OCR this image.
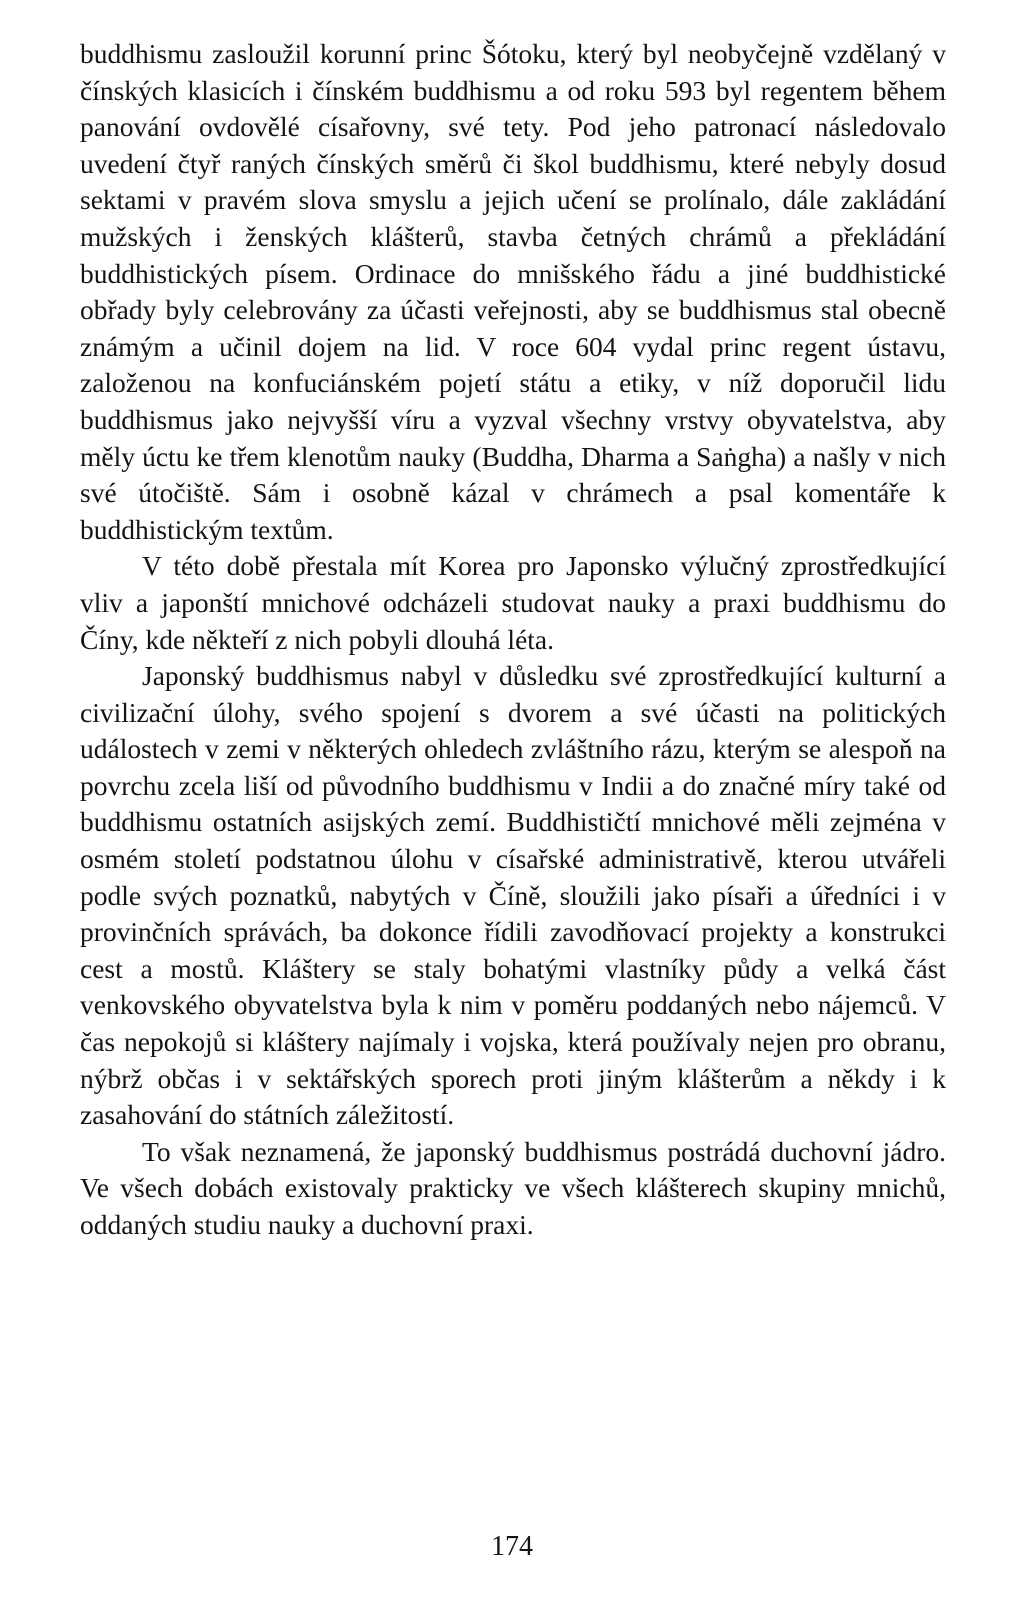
buddhismu zasloužil korunní princ Šótoku, který byl neobyčejně vzdělaný v čínských klasicích i čínském buddhismu a od roku 593 byl regentem během panování ovdovělé císařovny, své tety. Pod jeho patronací následovalo uvedení čtyř raných čínských směrů či škol buddhismu, které nebyly dosud sektami v pravém slova smyslu a jejich učení se prolínalo, dále zakládání mužských i ženských klášterů, stavba četných chrámů a překládání buddhistických písem. Ordinace do mnišského řádu a jiné buddhistické obřady byly celebrovány za účasti veřejnosti, aby se buddhismus stal obecně známým a učinil dojem na lid. V roce 604 vydal princ regent ústavu, založenou na konfuciánském pojetí státu a etiky, v níž doporučil lidu buddhismus jako nejvyšší víru a vyzval všechny vrstvy obyvatelstva, aby měly úctu ke třem klenotům nauky (Buddha, Dharma a Saṅgha) a našly v nich své útočiště. Sám i osobně kázal v chrámech a psal komentáře k buddhistickým textům.

V této době přestala mít Korea pro Japonsko výlučný zprostředkující vliv a japonští mnichové odcházeli studovat nauky a praxi buddhismu do Číny, kde někteří z nich pobyli dlouhá léta.

Japonský buddhismus nabyl v důsledku své zprostředkující kulturní a civilizační úlohy, svého spojení s dvorem a své účasti na politických událostech v zemi v některých ohledech zvláštního rázu, kterým se alespoň na povrchu zcela liší od původního buddhismu v Indii a do značné míry také od buddhismu ostatních asijských zemí. Buddhističtí mnichové měli zejména v osmém století podstatnou úlohu v císařské administrativě, kterou utvářeli podle svých poznatků, nabytých v Číně, sloužili jako písaři a úředníci i v provinčních správách, ba dokonce řídili zavodňovací projekty a konstrukci cest a mostů. Kláštery se staly bohatými vlastníky půdy a velká část venkovského obyvatelstva byla k nim v poměru poddaných nebo nájemců. V čas nepokojů si kláštery najímaly i vojska, která používaly nejen pro obranu, nýbrž občas i v sektářských sporech proti jiným klášterům a někdy i k zasahování do státních záležitostí.

To však neznamená, že japonský buddhismus postrádá duchovní jádro. Ve všech dobách existovaly prakticky ve všech klášterech skupiny mnichů, oddaných studiu nauky a duchovní praxi.

174
